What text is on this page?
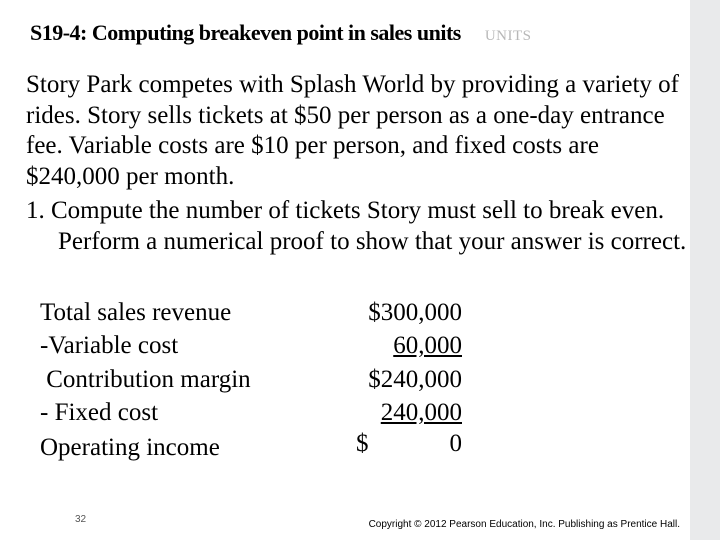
S19-4: Computing breakeven point in sales units UNITS

Story Park competes with Splash World by providing a variety of rides. Story sells tickets at $50 per person as a one-day entrance fee. Variable costs are $10 per person, and fixed costs are $240,000 per month.

1. Compute the number of tickets Story must sell to break even. Perform a numerical proof to show that your answer is correct.

Total sales revenue	$300,000
-Variable cost	60,000
Contribution margin	$240,000
- Fixed cost	240,000
Operating income	$ 0
32	Copyright © 2012 Pearson Education, Inc. Publishing as Prentice Hall.
